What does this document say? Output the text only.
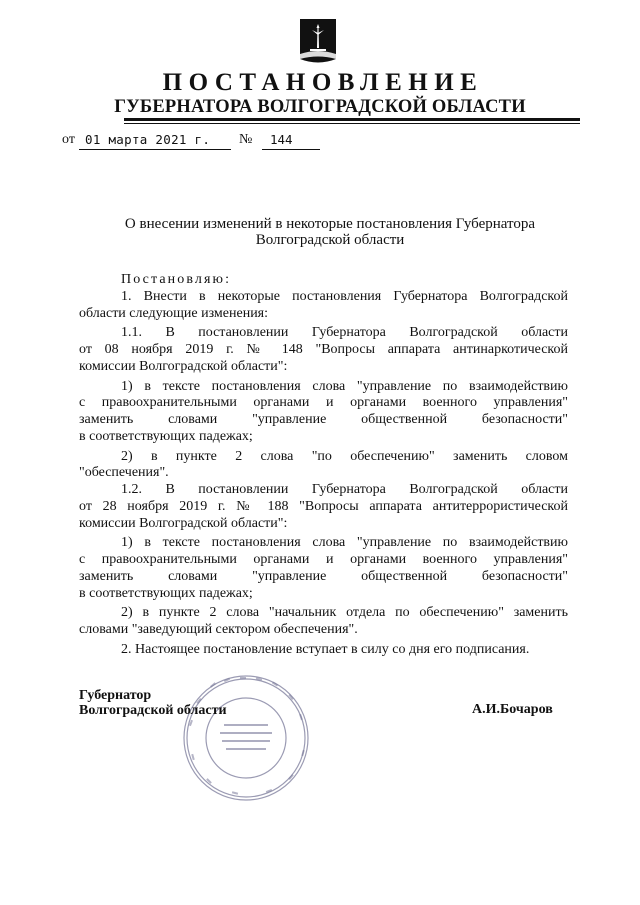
ПОСТАНОВЛЕНИЕ
ГУБЕРНАТОРА ВОЛГОГРАДСКОЙ ОБЛАСТИ
от 01 марта 2021 г.	№	144
О внесении изменений в некоторые постановления Губернатора
Волгоградской области
Постановляю:
1. Внести в некоторые постановления Губернатора Волгоградской
области следующие изменения:
1.1. В постановлении Губернатора Волгоградской области
от 08 ноября 2019 г. № 148 "Вопросы аппарата антинаркотической
комиссии Волгоградской области":
1) в тексте постановления слова "управление по взаимодействию
с правоохранительными органами и органами военного управления"
заменить словами "управление общественной безопасности"
в соответствующих падежах;
2) в пункте 2 слова "по обеспечению" заменить словом
"обеспечения".
1.2. В постановлении Губернатора Волгоградской области
от 28 ноября 2019 г. № 188 "Вопросы аппарата антитеррористической
комиссии Волгоградской области":
1) в тексте постановления слова "управление по взаимодействию
с правоохранительными органами и органами военного управления"
заменить словами "управление общественной безопасности"
в соответствующих падежах;
2) в пункте 2 слова "начальник отдела по обеспечению" заменить
словами "заведующий сектором обеспечения".
2. Настоящее постановление вступает в силу со дня его подписания.
Губернатор
Волгоградской области	А.И.Бочаров
